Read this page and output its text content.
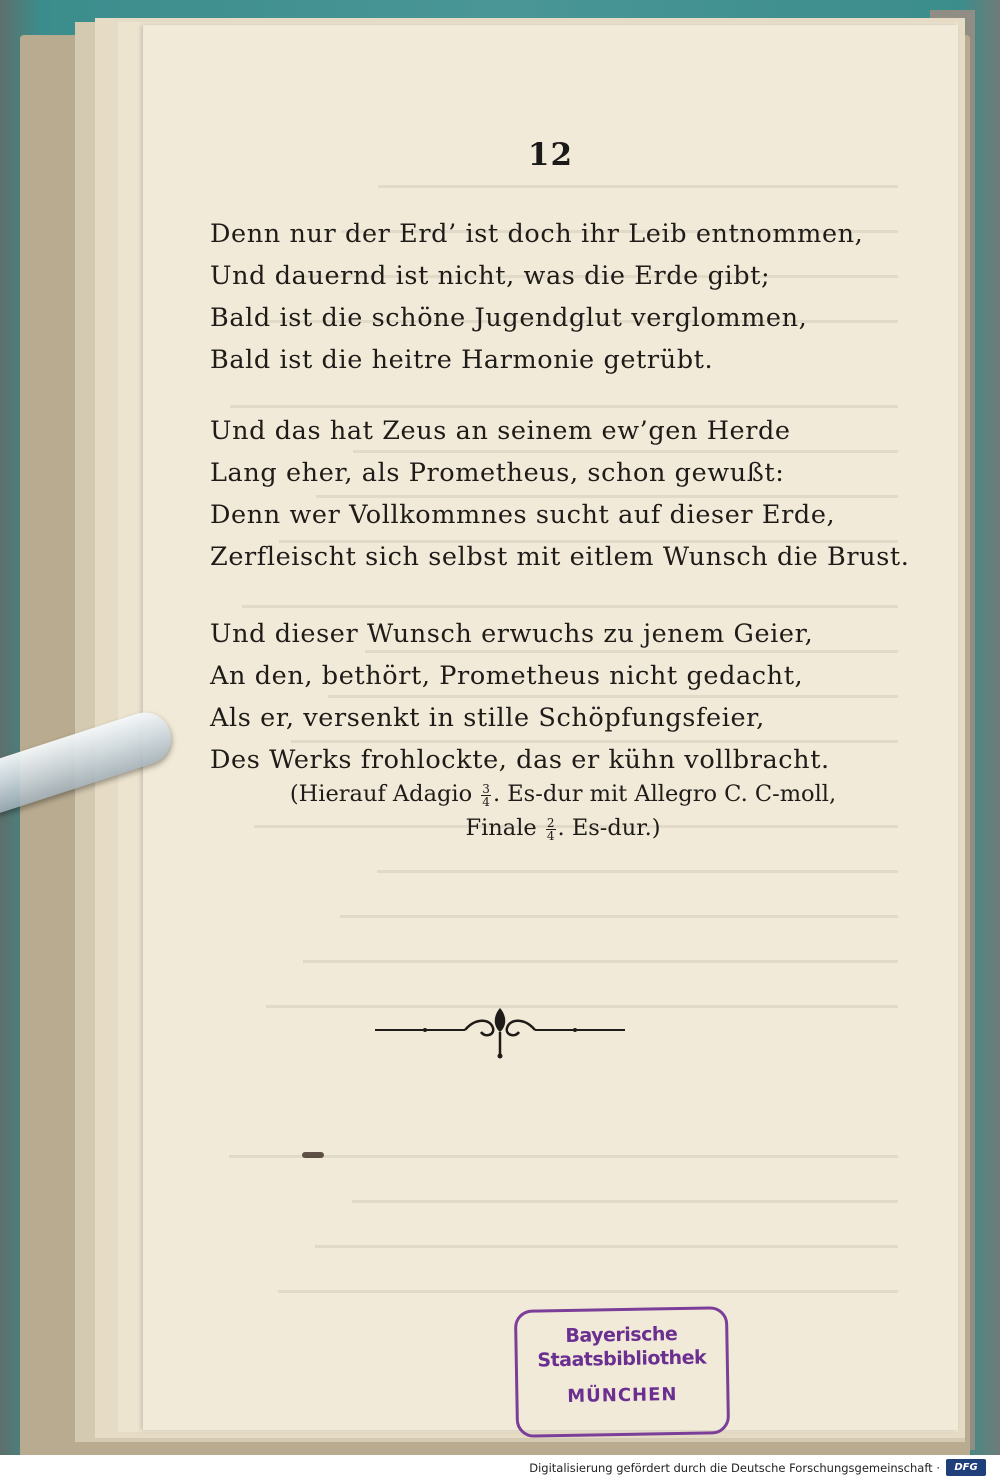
12
Denn nur der Erd’ ist doch ihr Leib entnommen,
Und dauernd ist nicht, was die Erde gibt;
Bald ist die schöne Jugendglut verglommen,
Bald ist die heitre Harmonie getrübt.
Und das hat Zeus an seinem ew’gen Herde
Lang eher, als Prometheus, schon gewußt:
Denn wer Vollkommnes sucht auf dieser Erde,
Zerfleischt sich selbst mit eitlem Wunsch die Brust.
Und dieser Wunsch erwuchs zu jenem Geier,
An den, bethört, Prometheus nicht gedacht,
Als er, versenkt in stille Schöpfungsfeier,
Des Werks frohlockte, das er kühn vollbracht.
(Hierauf Adagio $\frac{3}{4}$ . Es-dur mit Allegro C. C-moll,
Finale $\frac{2}{4}$ . Es-dur.)
Bayerische
Staatsbibliothek
MÜNCHEN
Digitalisierung gefördert durch die Deutsche Forschungsgemeinschaft ·	DFG
